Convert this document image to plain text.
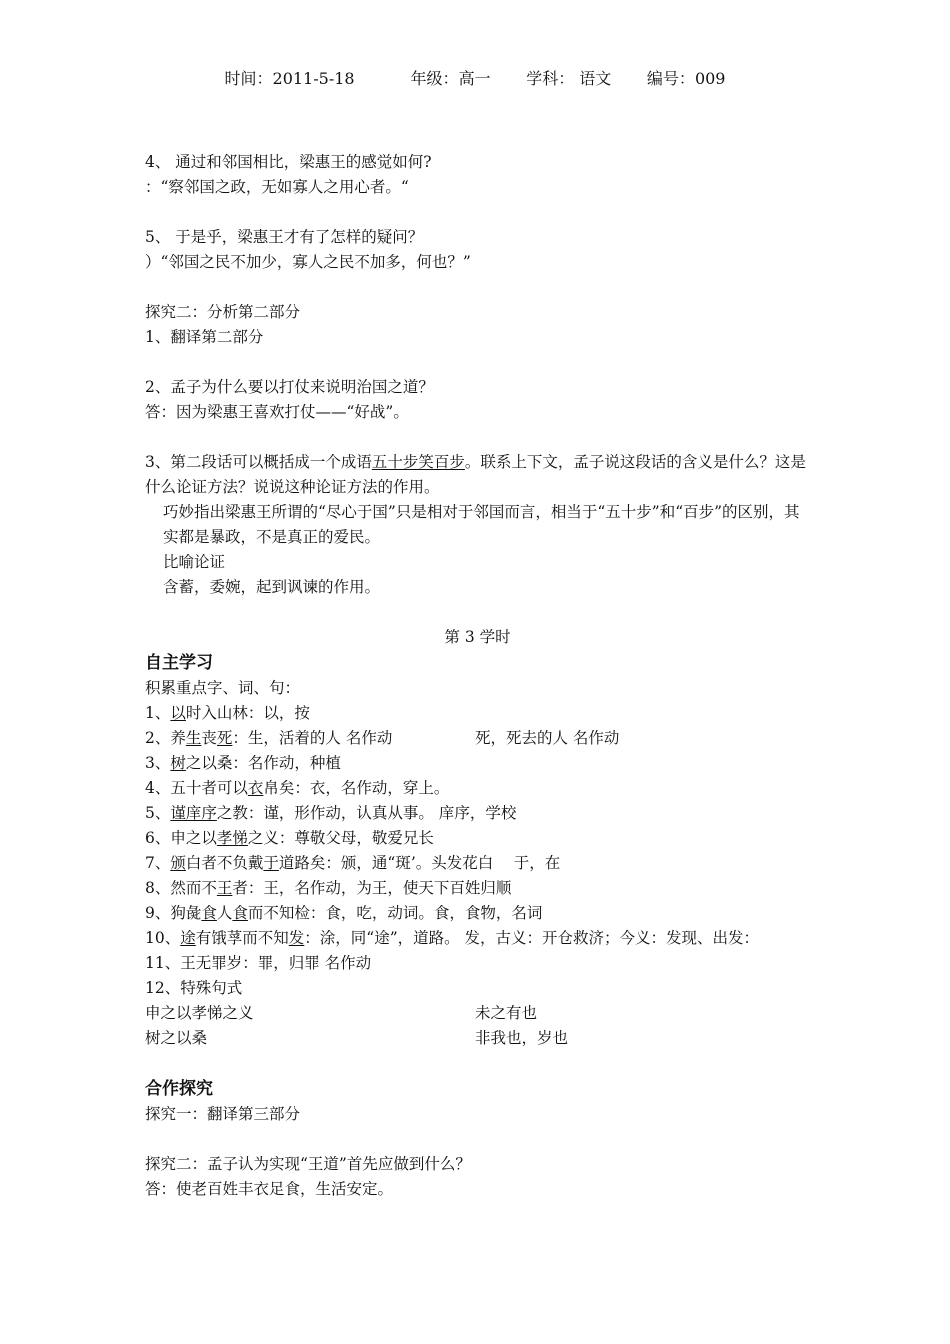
时间：2011-5-18	年级：高一 学科： 语文 编号：009
4、 通过和邻国相比，梁惠王的感觉如何?
：“察邻国之政，无如寡人之用心者。“
5、 于是乎，梁惠王才有了怎样的疑问？
）“邻国之民不加少，寡人之民不加多，何也？”
探究二：分析第二部分
1、翻译第二部分
2、孟子为什么要以打仗来说明治国之道？
答：因为梁惠王喜欢打仗——“好战”。
3、第二段话可以概括成一个成语五十步笑百步。联系上下文，孟子说这段话的含义是什么？这是什么论证方法？说说这种论证方法的作用。
巧妙指出梁惠王所谓的“尽心于国”只是相对于邻国而言，相当于“五十步”和“百步”的区别，其实都是暴政，不是真正的爱民。
比喻论证
含蓄，委婉，起到讽谏的作用。
第 3 学时
自主学习
积累重点字、词、句：
1、以时入山林：以，按
2、养生丧死：生，活着的人 名作动	死，死去的人 名作动
3、树之以桑：名作动，种植
4、五十者可以衣帛矣：衣，名作动，穿上。
5、谨庠序之教：谨，形作动，认真从事。 庠序，学校
6、申之以孝悌之义：尊敬父母，敬爱兄长
7、颁白者不负戴于道路矣：颁，通“斑’。头发花白　 于，在
8、然而不王者：王，名作动，为王，使天下百姓归顺
9、狗彘食人食而不知检：食，吃，动词。食，食物，名词
10、途有饿莩而不知发：涂，同“途”，道路。 发，古义：开仓救济；今义：发现、出发：
11、王无罪岁：罪，归罪 名作动
12、特殊句式
申之以孝悌之义	未之有也
树之以桑	非我也，岁也
合作探究
探究一：翻译第三部分
探究二：孟子认为实现“王道”首先应做到什么？
答：使老百姓丰衣足食，生活安定。
